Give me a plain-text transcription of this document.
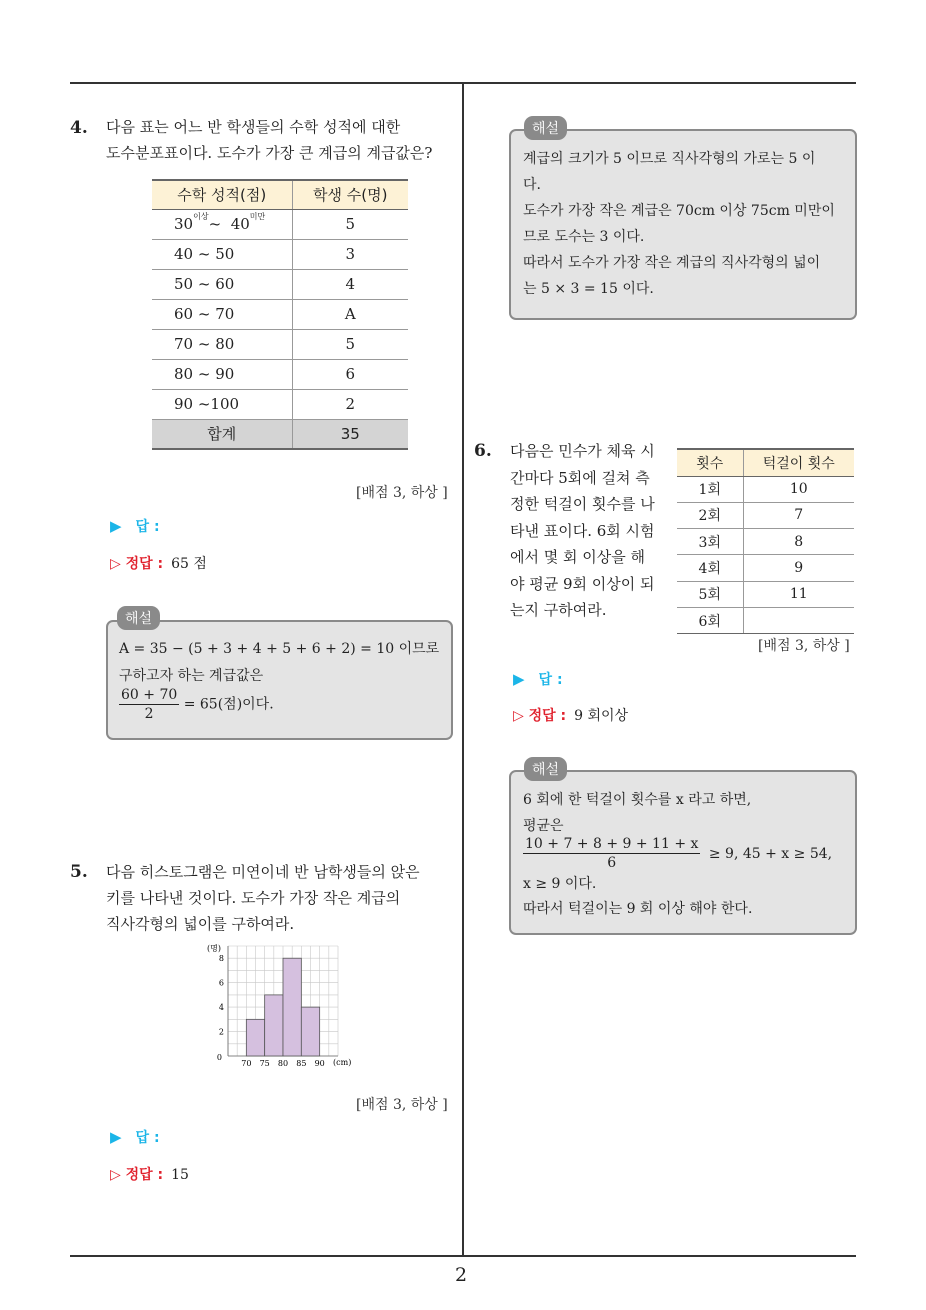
2
4. 다음 표는 어느 반 학생들의 수학 성적에 대한
도수분포표이다. 도수가 가장 큰 계급의 계급값은?
수학 성적(점)	학생 수(명)
$30^{이상}\sim$ $40^{미만}$	5
40 ~ 50	3
50 ~ 60	4
60 ~ 70	A
70 ~ 80	5
80 ~ 90	6
90 ~100	2
합계	35
[배점 3, 하상 ]
▶ 답 :
▷ 정답 : 65 점
해설
A = 35 − (5 + 3 + 4 + 5 + 6 + 2) = 10 이므로
구하고자 하는 계급값은
$\frac{60 + 70}{2} = 65$(점)이다.
5. 다음 히스토그램은 미연이네 반 남학생들의 앉은
키를 나타낸 것이다. 도수가 가장 작은 계급의
직사각형의 넓이를 구하여라.
(명)
(cm)
2
4
6
8
0
70 75 80 85 90
[배점 3, 하상 ]
▶ 답 :
▷ 정답 : 15
해설
계급의 크기가 5 이므로 직사각형의 가로는 5 이
다.
도수가 가장 작은 계급은 70cm 이상 75cm 미만이
므로 도수는 3 이다.
따라서 도수가 가장 작은 계급의 직사각형의 넓이
는 5 × 3 = 15 이다.
6. 다음은 민수가 체육 시
간마다 5회에 걸쳐 측
정한 턱걸이 횟수를 나
타낸 표이다. 6회 시험
에서 몇 회 이상을 해
야 평균 9회 이상이 되
는지 구하여라.
횟수	턱걸이 횟수
1회	10
2회	7
3회	8
4회	9
5회	11
6회	
[배점 3, 하상 ]
▶ 답 :
▷ 정답 : 9 회이상
해설
6 회에 한 턱걸이 횟수를 x 라고 하면,
평균은
$\frac{10 + 7 + 8 + 9 + 11 + x}{6} \ge 9$, 45 + x ≥ 54,
x ≥ 9 이다.
따라서 턱걸이는 9 회 이상 해야 한다.
